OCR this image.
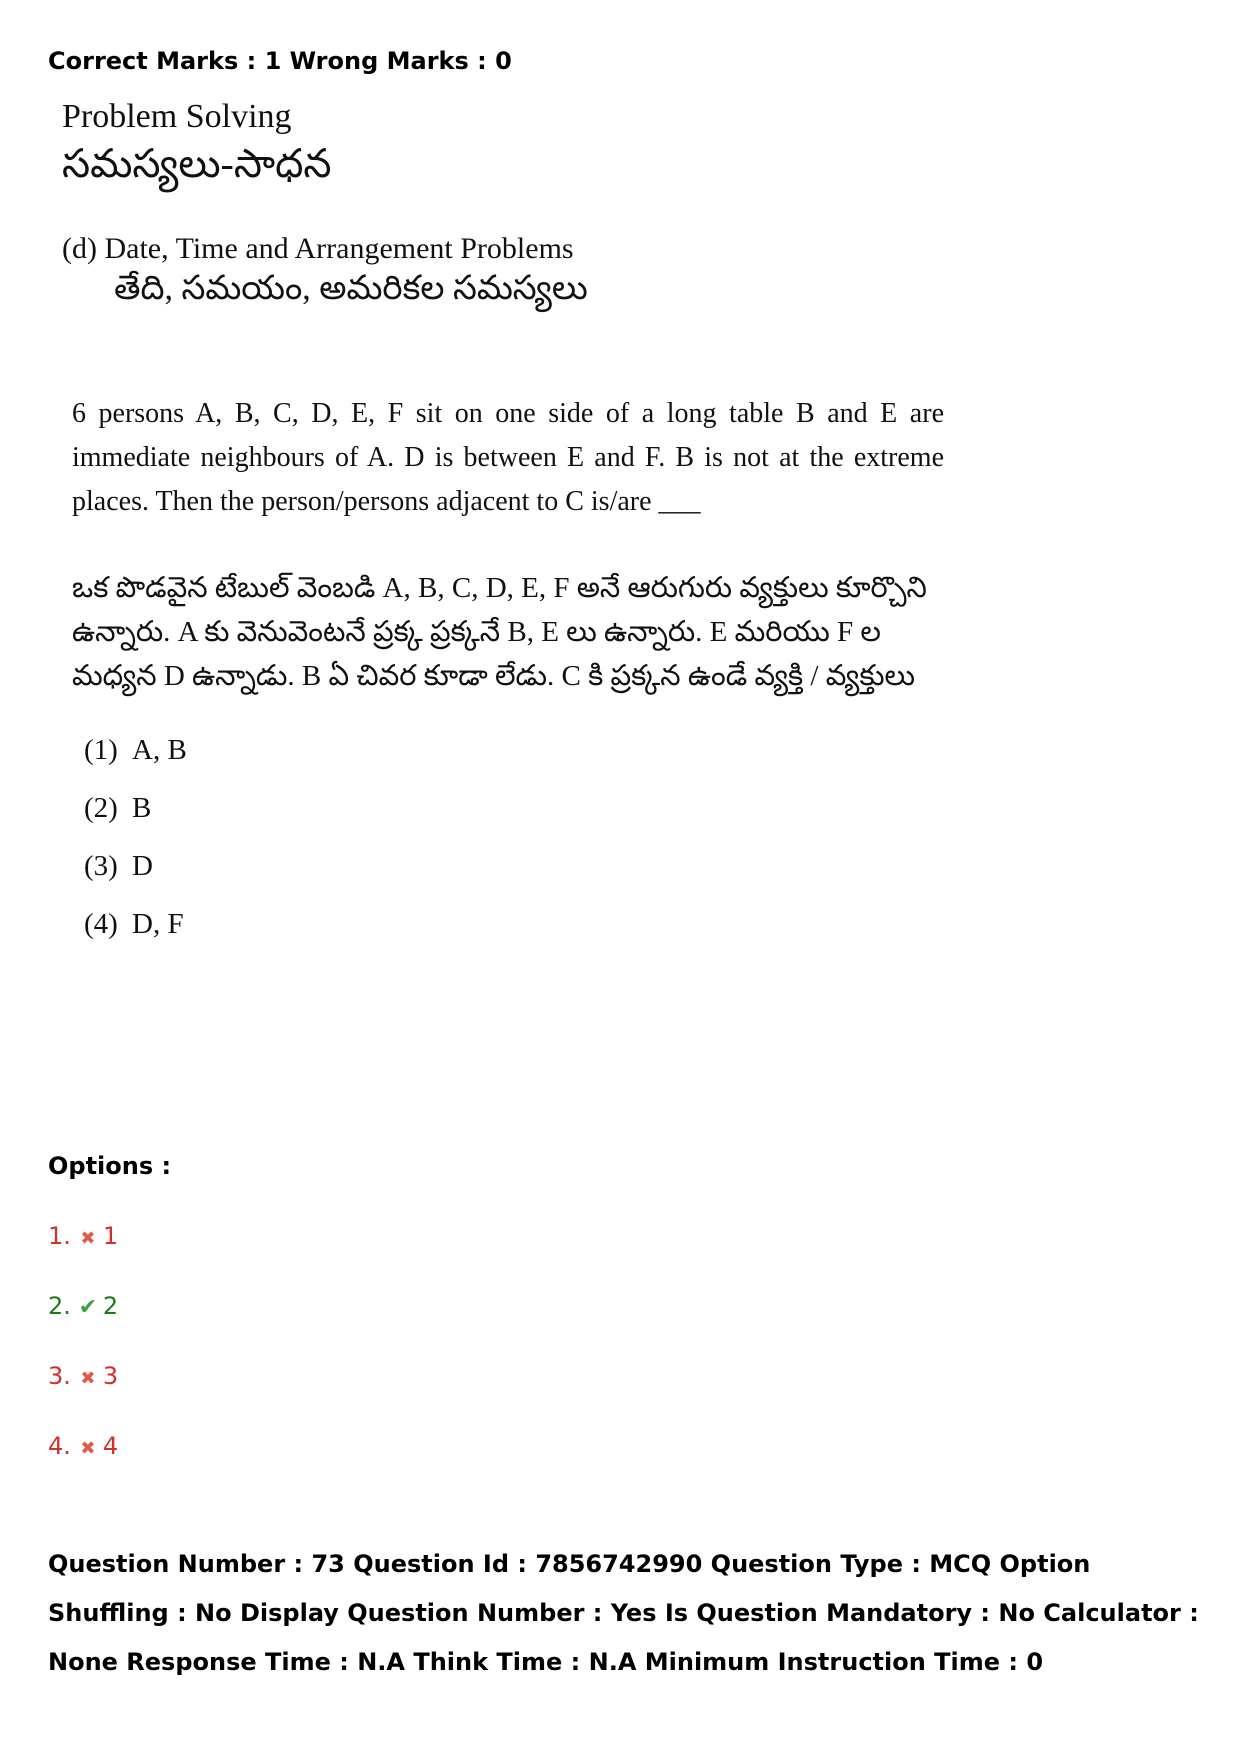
Correct Marks : 1 Wrong Marks : 0
Problem Solving
సమస్యలు-సాధన
(d) Date, Time and Arrangement Problems
తేది, సమయం, అమరికల సమస్యలు
6 persons A, B, C, D, E, F sit on one side of a long table B and E are immediate neighbours of A. D is between E and F. B is not at the extreme places. Then the person/persons adjacent to C is/are ___
ఒక పొడవైన టేబుల్ వెంబడి A, B, C, D, E, F అనే ఆరుగురు వ్యక్తులు కూర్చొని ఉన్నారు. A కు వెనువెంటనే ప్రక్క ప్రక్కనే B, E లు ఉన్నారు. E మరియు F ల మధ్యన D ఉన్నాడు. B ఏ చివర కూడా లేడు. C కి ప్రక్కన ఉండే వ్యక్తి / వ్యక్తులు
(1) A, B
(2) B
(3) D
(4) D, F
Options :
1. ✖ 1
2. ✔ 2
3. ✖ 3
4. ✖ 4
Question Number : 73 Question Id : 7856742990 Question Type : MCQ Option Shuffling : No Display Question Number : Yes Is Question Mandatory : No Calculator : None Response Time : N.A Think Time : N.A Minimum Instruction Time : 0
